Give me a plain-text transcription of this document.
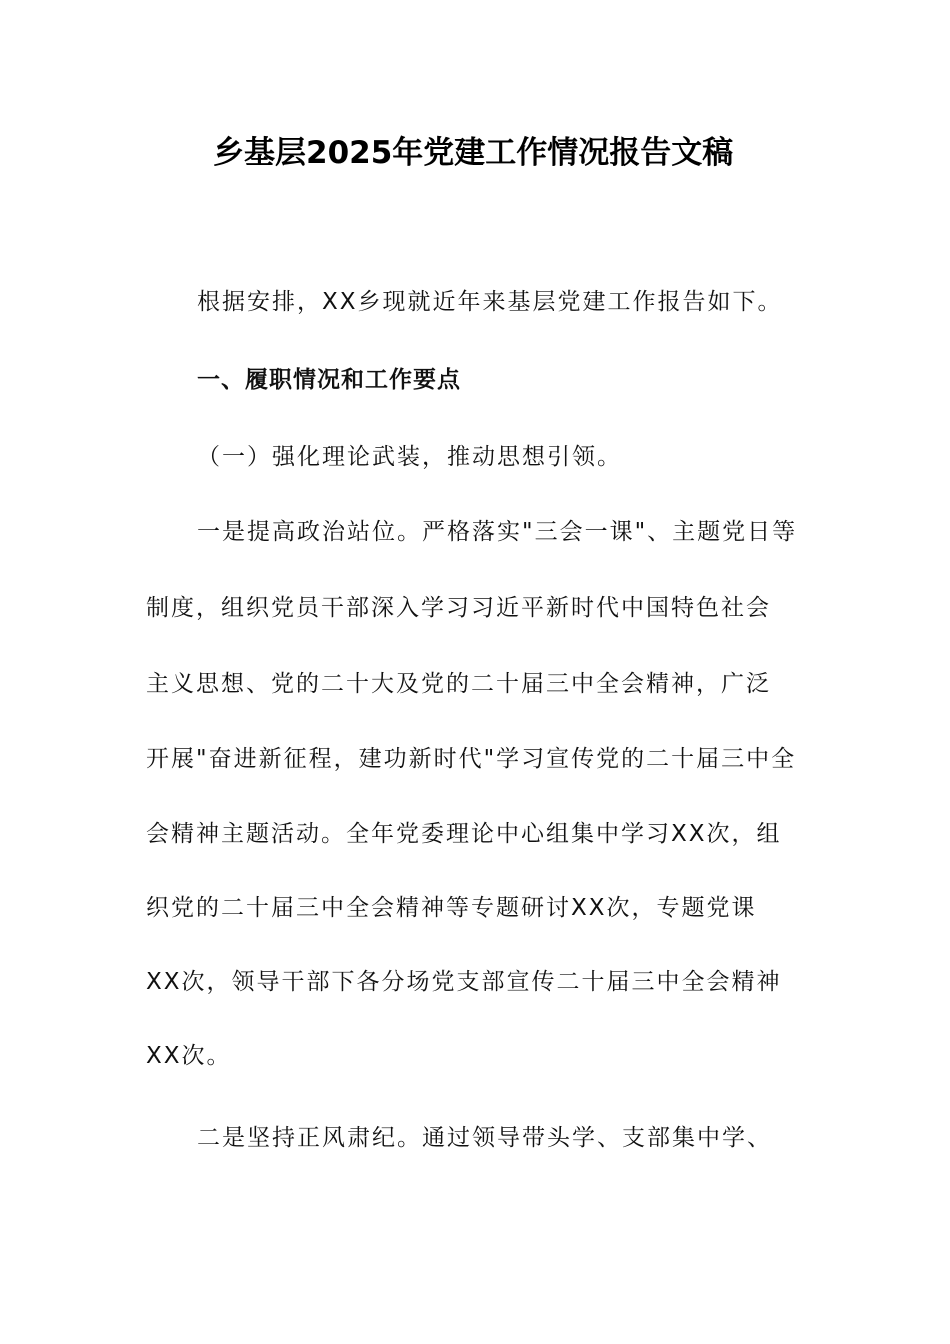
乡基层2025年党建工作情况报告文稿
根据安排，XX乡现就近年来基层党建工作报告如下。
一、履职情况和工作要点
（一）强化理论武装，推动思想引领。
一是提高政治站位。严格落实"三会一课"、主题党日等
制度，组织党员干部深入学习习近平新时代中国特色社会
主义思想、党的二十大及党的二十届三中全会精神，广泛
开展"奋进新征程，建功新时代"学习宣传党的二十届三中全
会精神主题活动。全年党委理论中心组集中学习XX次，组
织党的二十届三中全会精神等专题研讨XX次，专题党课
XX次，领导干部下各分场党支部宣传二十届三中全会精神
XX次。
二是坚持正风肃纪。通过领导带头学、支部集中学、
